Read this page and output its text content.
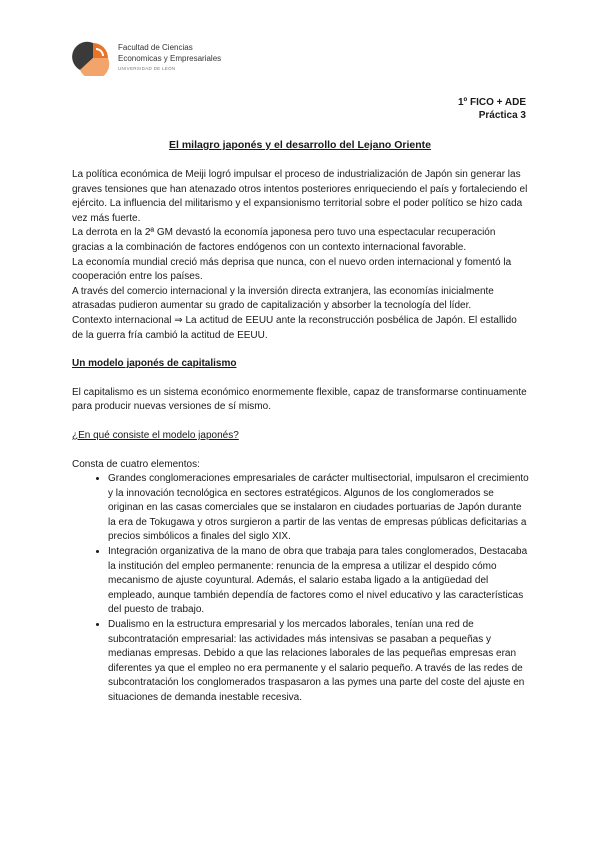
Facultad de Ciencias
Economicas y Empresariales
UNIVERSIDAD DE LEÓN
1º FICO + ADE
Práctica 3
El milagro japonés y el desarrollo del Lejano Oriente

La política económica de Meiji logró impulsar el proceso de industrialización de Japón sin generar las graves tensiones que han atenazado otros intentos posteriores enriqueciendo el país y fortaleciendo el ejército. La influencia del militarismo y el expansionismo territorial sobre el poder político se hizo cada vez más fuerte.

La derrota en la 2ª GM devastó la economía japonesa pero tuvo una espectacular recuperación gracias a la combinación de factores endógenos con un contexto internacional favorable.

La economía mundial creció más deprisa que nunca, con el nuevo orden internacional y fomentó la cooperación entre los países.

A través del comercio internacional y la inversión directa extranjera, las economías inicialmente atrasadas pudieron aumentar su grado de capitalización y absorber la tecnología del líder.

Contexto internacional ⇒ La actitud de EEUU ante la reconstrucción posbélica de Japón. El estallido de la guerra fría cambió la actitud de EEUU.

Un modelo japonés de capitalismo

El capitalismo es un sistema económico enormemente flexible, capaz de transformarse continuamente para producir nuevas versiones de sí mismo.

¿En qué consiste el modelo japonés?

Consta de cuatro elementos:

• Grandes conglomeraciones empresariales de carácter multisectorial, impulsaron el crecimiento y la innovación tecnológica en sectores estratégicos. Algunos de los conglomerados se originan en las casas comerciales que se instalaron en ciudades portuarias de Japón durante la era de Tokugawa y otros surgieron a partir de las ventas de empresas públicas deficitarias a precios simbólicos a finales del siglo XIX.
• Integración organizativa de la mano de obra que trabaja para tales conglomerados, Destacaba la institución del empleo permanente: renuncia de la empresa a utilizar el despido cómo mecanismo de ajuste coyuntural. Además, el salario estaba ligado a la antigüedad del empleado, aunque también dependía de factores como el nivel educativo y las características del puesto de trabajo.
• Dualismo en la estructura empresarial y los mercados laborales, tenían una red de subcontratación empresarial: las actividades más intensivas se pasaban a pequeñas y medianas empresas. Debido a que las relaciones laborales de las pequeñas empresas eran diferentes ya que el empleo no era permanente y el salario pequeño. A través de las redes de subcontratación los conglomerados traspasaron a las pymes una parte del coste del ajuste en situaciones de demanda inestable recesiva.
